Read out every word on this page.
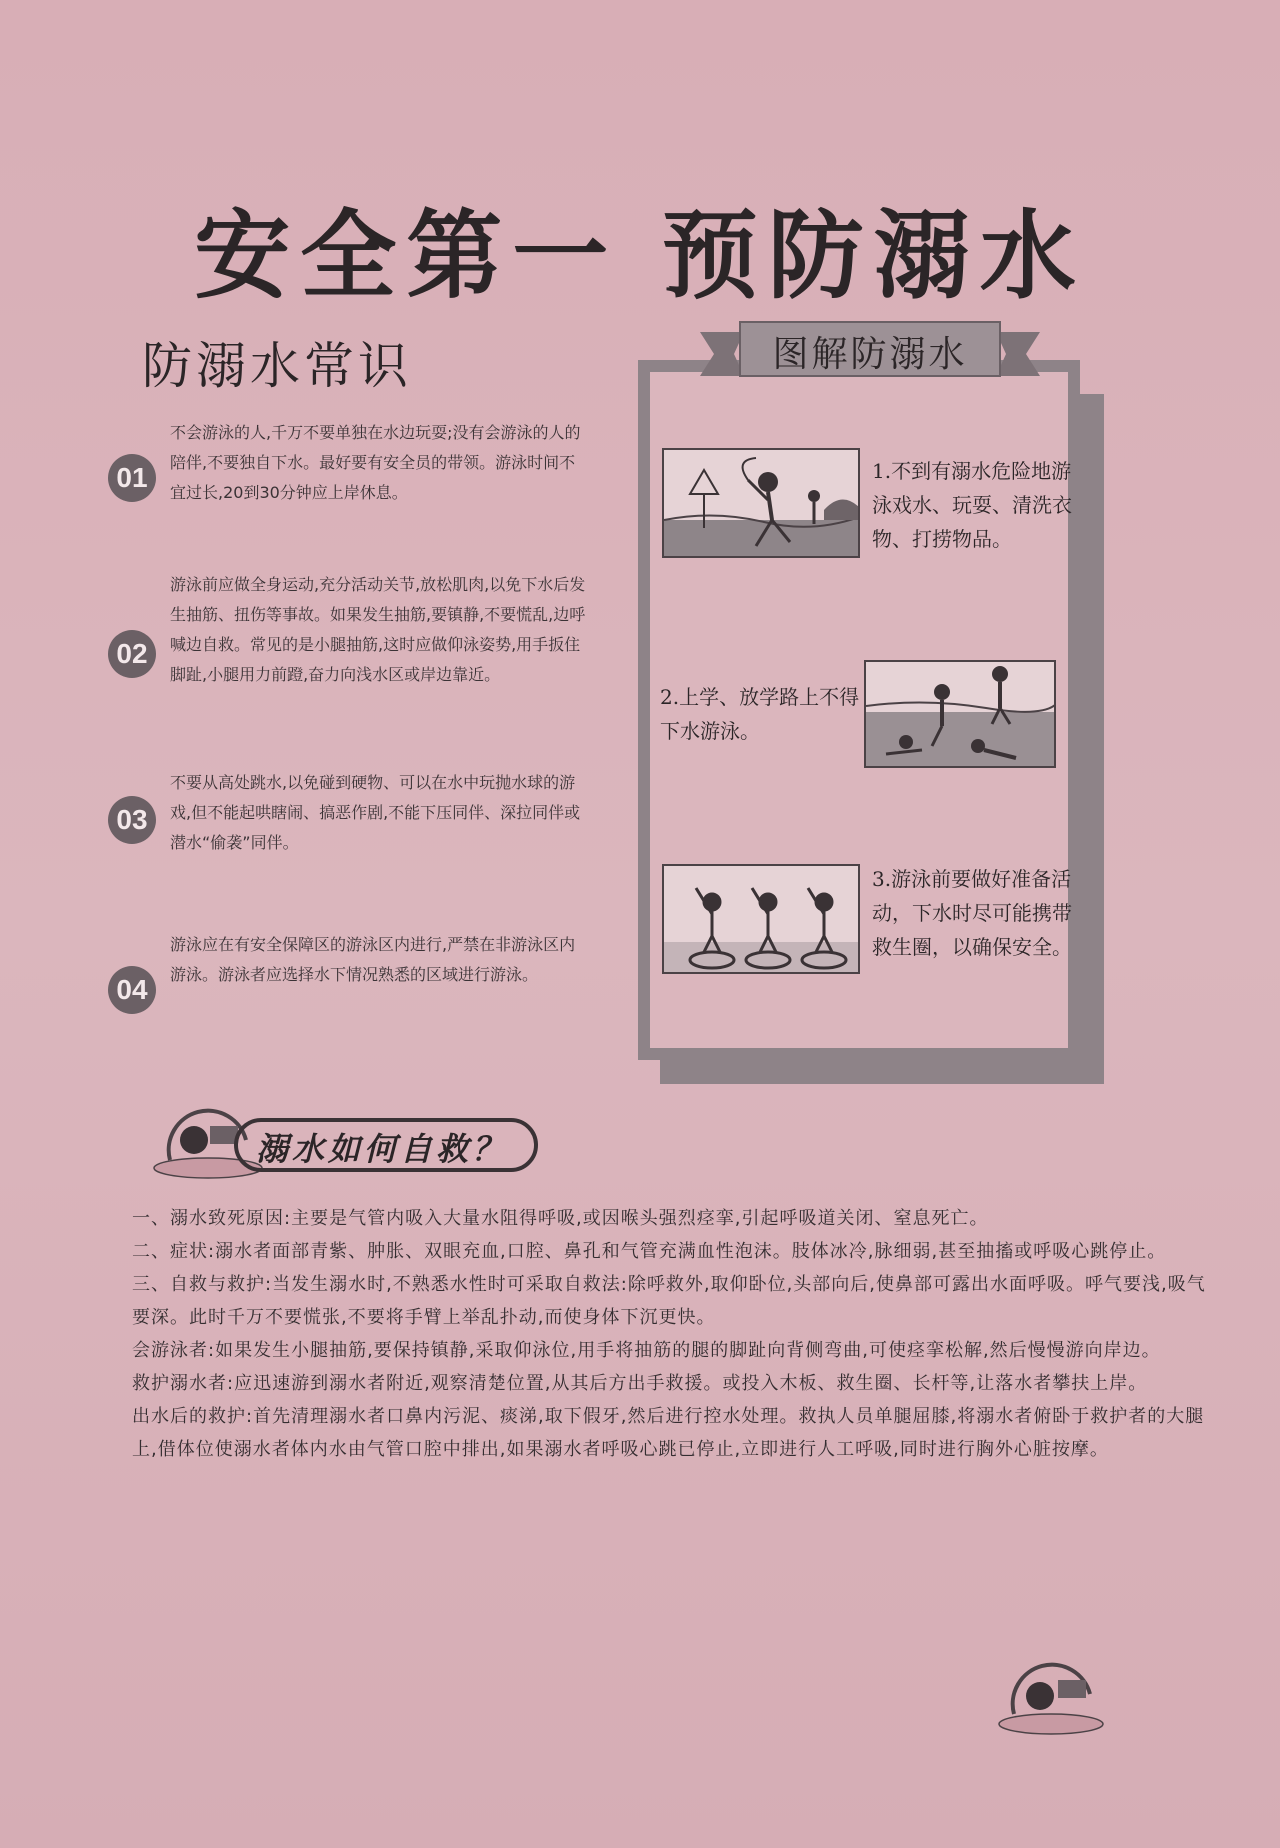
安全第一 预防溺水
防溺水常识
01
不会游泳的人,千万不要单独在水边玩耍;没有会游泳的人的陪伴,不要独自下水。最好要有安全员的带领。游泳时间不宜过长,20到30分钟应上岸休息。
02
游泳前应做全身运动,充分活动关节,放松肌肉,以免下水后发生抽筋、扭伤等事故。如果发生抽筋,要镇静,不要慌乱,边呼喊边自救。常见的是小腿抽筋,这时应做仰泳姿势,用手扳住脚趾,小腿用力前蹬,奋力向浅水区或岸边靠近。
03
不要从高处跳水,以免碰到硬物、可以在水中玩抛水球的游戏,但不能起哄瞎闹、搞恶作剧,不能下压同伴、深拉同伴或潜水“偷袭”同伴。
04
游泳应在有安全保障区的游泳区内进行,严禁在非游泳区内游泳。游泳者应选择水下情况熟悉的区域进行游泳。
图解防溺水
1.不到有溺水危险地游泳戏水、玩耍、清洗衣物、打捞物品。
2.上学、放学路上不得下水游泳。
3.游泳前要做好准备活动，下水时尽可能携带救生圈，以确保安全。
溺水如何自救？

一、溺水致死原因:主要是气管内吸入大量水阻得呼吸,或因喉头强烈痉挛,引起呼吸道关闭、窒息死亡。

二、症状:溺水者面部青紫、肿胀、双眼充血,口腔、鼻孔和气管充满血性泡沫。肢体冰冷,脉细弱,甚至抽搐或呼吸心跳停止。

三、自救与救护:当发生溺水时,不熟悉水性时可采取自救法:除呼救外,取仰卧位,头部向后,使鼻部可露出水面呼吸。呼气要浅,吸气要深。此时千万不要慌张,不要将手臂上举乱扑动,而使身体下沉更快。

会游泳者:如果发生小腿抽筋,要保持镇静,采取仰泳位,用手将抽筋的腿的脚趾向背侧弯曲,可使痉挛松解,然后慢慢游向岸边。

救护溺水者:应迅速游到溺水者附近,观察清楚位置,从其后方出手救援。或投入木板、救生圈、长杆等,让落水者攀扶上岸。

出水后的救护:首先清理溺水者口鼻内污泥、痰涕,取下假牙,然后进行控水处理。救执人员单腿屈膝,将溺水者俯卧于救护者的大腿上,借体位使溺水者体内水由气管口腔中排出,如果溺水者呼吸心跳已停止,立即进行人工呼吸,同时进行胸外心脏按摩。
